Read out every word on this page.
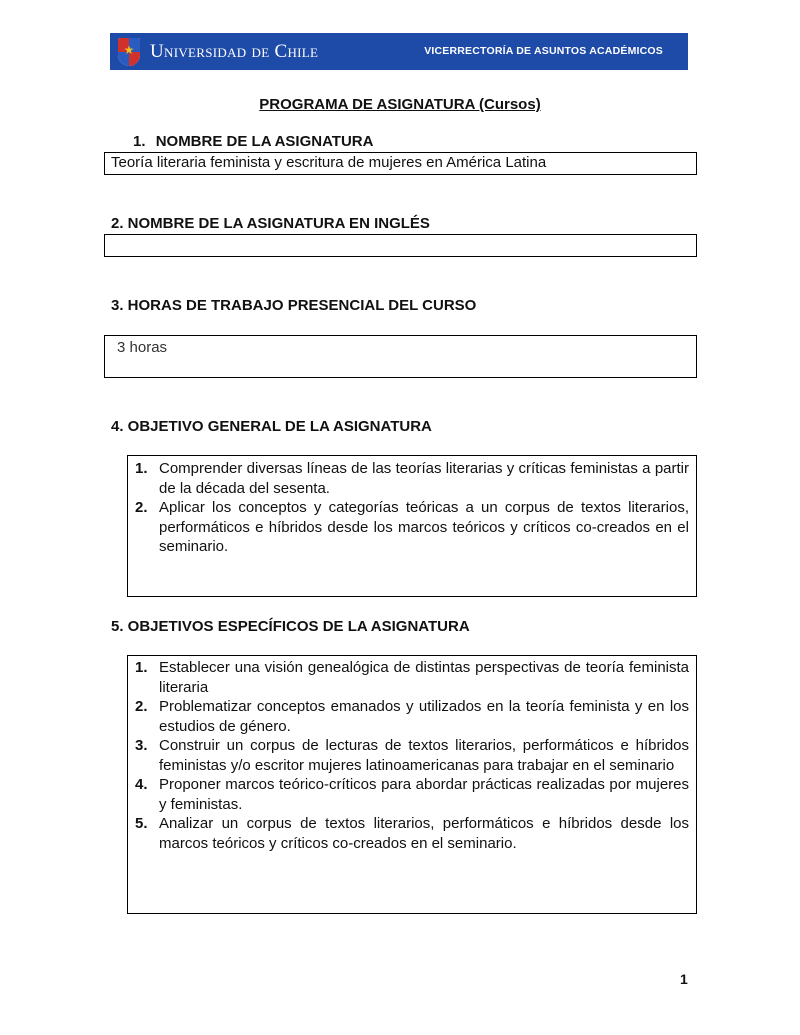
★ Universidad de Chile	VICERRECTORÍA DE ASUNTOS ACADÉMICOS
PROGRAMA DE ASIGNATURA (Cursos)
1. NOMBRE DE LA ASIGNATURA
Teoría literaria feminista y escritura de mujeres en América Latina
2. NOMBRE DE LA ASIGNATURA EN INGLÉS
3. HORAS DE TRABAJO PRESENCIAL DEL CURSO
3 horas
4. OBJETIVO GENERAL DE LA ASIGNATURA
1. Comprender diversas líneas de las teorías literarias y críticas feministas a partir de la década del sesenta.
2. Aplicar los conceptos y categorías teóricas a un corpus de textos literarios, performáticos e híbridos desde los marcos teóricos y críticos co-creados en el seminario.
5. OBJETIVOS ESPECÍFICOS DE LA ASIGNATURA
1. Establecer una visión genealógica de distintas perspectivas de teoría feminista literaria
2. Problematizar conceptos emanados y utilizados en la teoría feminista y en los estudios de género.
3. Construir un corpus de lecturas de textos literarios, performáticos e híbridos feministas y/o escritor mujeres latinoamericanas para trabajar en el seminario
4. Proponer marcos teórico-críticos para abordar prácticas realizadas por mujeres y feministas.
5. Analizar un corpus de textos literarios, performáticos e híbridos desde los marcos teóricos y críticos co-creados en el seminario.
1
